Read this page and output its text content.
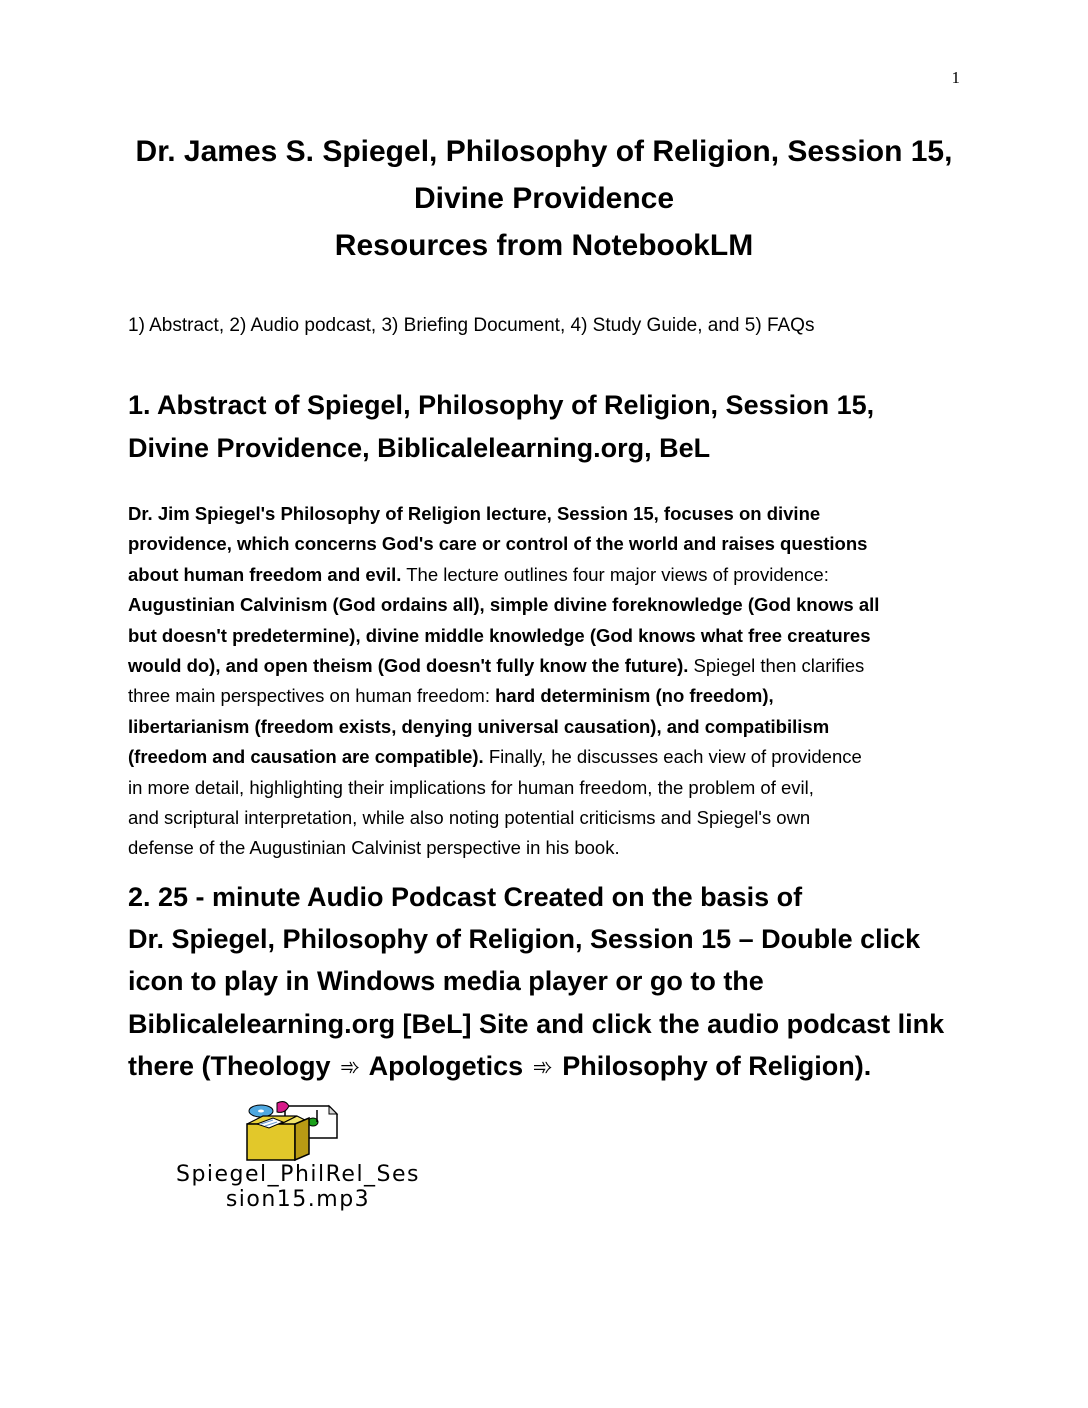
1
Dr. James S. Spiegel, Philosophy of Religion, Session 15,
Divine Providence
Resources from NotebookLM
1) Abstract, 2) Audio podcast, 3) Briefing Document, 4) Study Guide, and 5) FAQs
1. Abstract of Spiegel, Philosophy of Religion, Session 15,
Divine Providence, Biblicalelearning.org, BeL
Dr. Jim Spiegel's Philosophy of Religion lecture, Session 15, focuses on divine
providence, which concerns God's care or control of the world and raises questions
about human freedom and evil. The lecture outlines four major views of providence:
Augustinian Calvinism (God ordains all), simple divine foreknowledge (God knows all
but doesn't predetermine), divine middle knowledge (God knows what free creatures
would do), and open theism (God doesn't fully know the future). Spiegel then clarifies
three main perspectives on human freedom: hard determinism (no freedom),
libertarianism (freedom exists, denying universal causation), and compatibilism
(freedom and causation are compatible). Finally, he discusses each view of providence
in more detail, highlighting their implications for human freedom, the problem of evil,
and scriptural interpretation, while also noting potential criticisms and Spiegel's own
defense of the Augustinian Calvinist perspective in his book.
2. 25 - minute Audio Podcast Created on the basis of
Dr. Spiegel, Philosophy of Religion, Session 15 – Double click
icon to play in Windows media player or go to the
Biblicalelearning.org [BeL] Site and click the audio podcast link
there (Theology ➾ Apologetics ➾ Philosophy of Religion).
Spiegel_PhilRel_Ses
sion15.mp3
